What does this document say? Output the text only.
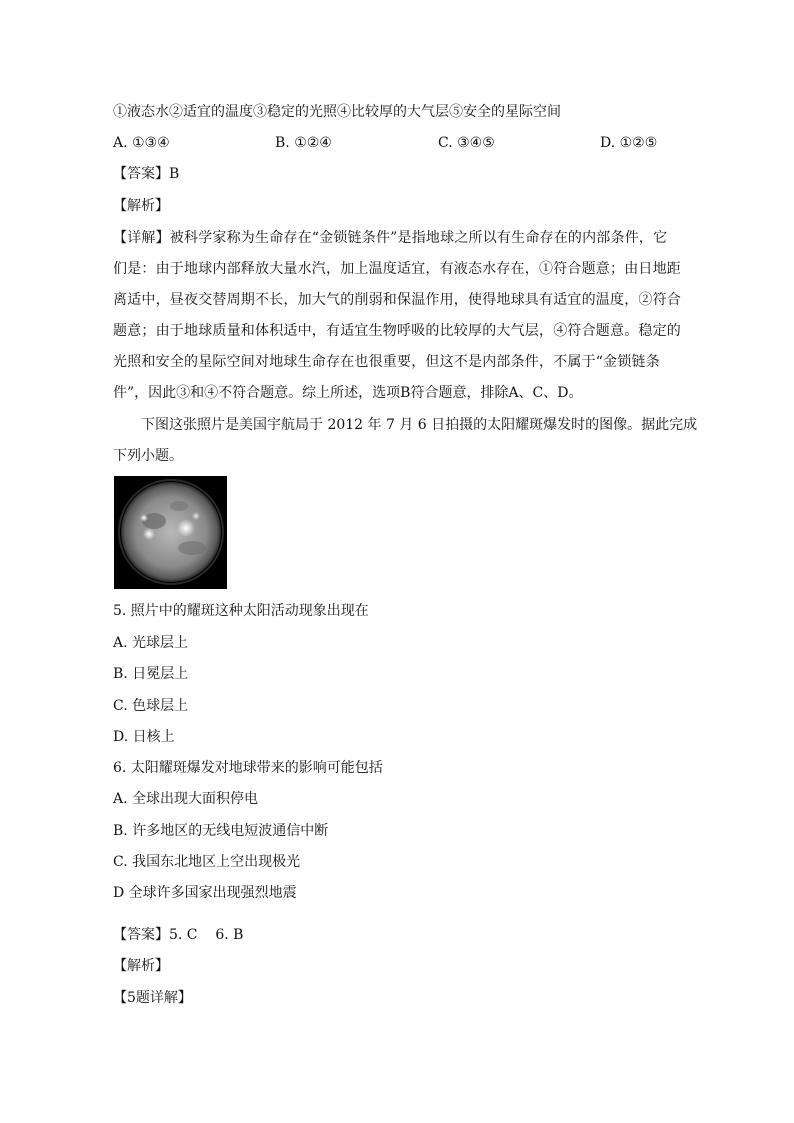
①液态水②适宜的温度③稳定的光照④比较厚的大气层⑤安全的星际空间
A. ①③④	B. ①②④	C. ③④⑤	D. ①②⑤
【答案】B
【解析】
【详解】被科学家称为生命存在“金锁链条件”是指地球之所以有生命存在的内部条件，它
们是：由于地球内部释放大量水汽，加上温度适宜，有液态水存在，①符合题意；由日地距
离适中，昼夜交替周期不长，加大气的削弱和保温作用，使得地球具有适宜的温度，②符合
题意；由于地球质量和体积适中，有适宜生物呼吸的比较厚的大气层，④符合题意。稳定的
光照和安全的星际空间对地球生命存在也很重要，但这不是内部条件，不属于“金锁链条
件”，因此③和④不符合题意。综上所述，选项B符合题意，排除A、C、D。
下图这张照片是美国宇航局于 2012 年 7 月 6 日拍摄的太阳耀斑爆发时的图像。据此完成
下列小题。
5. 照片中的耀斑这种太阳活动现象出现在
A. 光球层上
B. 日冕层上
C. 色球层上
D. 日核上
6. 太阳耀斑爆发对地球带来的影响可能包括
A. 全球出现大面积停电
B. 许多地区的无线电短波通信中断
C. 我国东北地区上空出现极光
D 全球许多国家出现强烈地震
【答案】5. C    6. B
【解析】
【5题详解】
